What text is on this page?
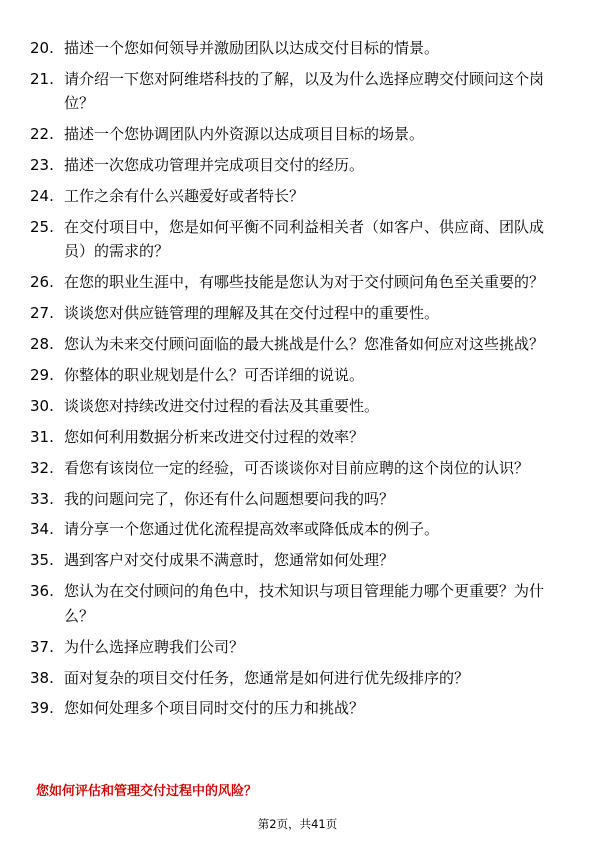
20. 描述一个您如何领导并激励团队以达成交付目标的情景。
21. 请介绍一下您对阿维塔科技的了解，以及为什么选择应聘交付顾问这个岗位？
22. 描述一个您协调团队内外资源以达成项目目标的场景。
23. 描述一次您成功管理并完成项目交付的经历。
24. 工作之余有什么兴趣爱好或者特长？
25. 在交付项目中，您是如何平衡不同利益相关者（如客户、供应商、团队成员）的需求的？
26. 在您的职业生涯中，有哪些技能是您认为对于交付顾问角色至关重要的？
27. 谈谈您对供应链管理的理解及其在交付过程中的重要性。
28. 您认为未来交付顾问面临的最大挑战是什么？您准备如何应对这些挑战？
29. 你整体的职业规划是什么？可否详细的说说。
30. 谈谈您对持续改进交付过程的看法及其重要性。
31. 您如何利用数据分析来改进交付过程的效率？
32. 看您有该岗位一定的经验，可否谈谈你对目前应聘的这个岗位的认识？
33. 我的问题问完了，你还有什么问题想要问我的吗？
34. 请分享一个您通过优化流程提高效率或降低成本的例子。
35. 遇到客户对交付成果不满意时，您通常如何处理？
36. 您认为在交付顾问的角色中，技术知识与项目管理能力哪个更重要？为什么？
37. 为什么选择应聘我们公司？
38. 面对复杂的项目交付任务，您通常是如何进行优先级排序的？
39. 您如何处理多个项目同时交付的压力和挑战？
您如何评估和管理交付过程中的风险？
第2页，共41页
